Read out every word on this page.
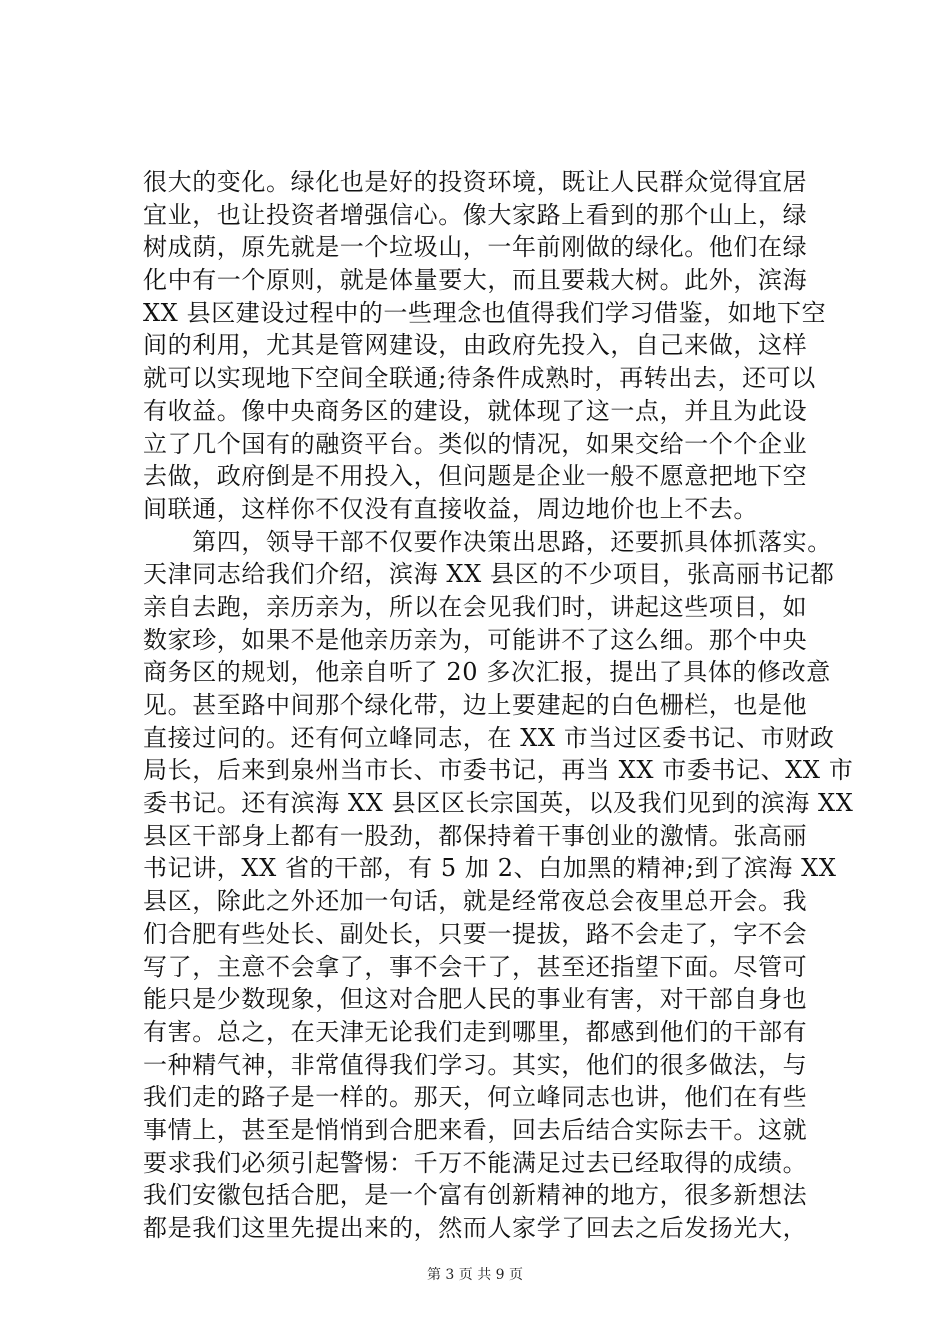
很大的变化。绿化也是好的投资环境，既让人民群众觉得宜居
宜业，也让投资者增强信心。像大家路上看到的那个山上，绿
树成荫，原先就是一个垃圾山，一年前刚做的绿化。他们在绿
化中有一个原则，就是体量要大，而且要栽大树。此外，滨海
XX 县区建设过程中的一些理念也值得我们学习借鉴，如地下空
间的利用，尤其是管网建设，由政府先投入，自己来做，这样
就可以实现地下空间全联通;待条件成熟时，再转出去，还可以
有收益。像中央商务区的建设，就体现了这一点，并且为此设
立了几个国有的融资平台。类似的情况，如果交给一个个企业
去做，政府倒是不用投入，但问题是企业一般不愿意把地下空
间联通，这样你不仅没有直接收益，周边地价也上不去。
　　第四，领导干部不仅要作决策出思路，还要抓具体抓落实。
天津同志给我们介绍，滨海 XX 县区的不少项目，张高丽书记都
亲自去跑，亲历亲为，所以在会见我们时，讲起这些项目，如
数家珍，如果不是他亲历亲为，可能讲不了这么细。那个中央
商务区的规划，他亲自听了 20 多次汇报，提出了具体的修改意
见。甚至路中间那个绿化带，边上要建起的白色栅栏，也是他
直接过问的。还有何立峰同志，在 XX 市当过区委书记、市财政
局长，后来到泉州当市长、市委书记，再当 XX 市委书记、XX 市
委书记。还有滨海 XX 县区区长宗国英，以及我们见到的滨海 XX
县区干部身上都有一股劲，都保持着干事创业的激情。张高丽
书记讲，XX 省的干部，有 5 加 2、白加黑的精神;到了滨海 XX
县区，除此之外还加一句话，就是经常夜总会夜里总开会。我
们合肥有些处长、副处长，只要一提拔，路不会走了，字不会
写了，主意不会拿了，事不会干了，甚至还指望下面。尽管可
能只是少数现象，但这对合肥人民的事业有害，对干部自身也
有害。总之，在天津无论我们走到哪里，都感到他们的干部有
一种精气神，非常值得我们学习。其实，他们的很多做法，与
我们走的路子是一样的。那天，何立峰同志也讲，他们在有些
事情上，甚至是悄悄到合肥来看，回去后结合实际去干。这就
要求我们必须引起警惕：千万不能满足过去已经取得的成绩。
我们安徽包括合肥，是一个富有创新精神的地方，很多新想法
都是我们这里先提出来的，然而人家学了回去之后发扬光大，
第 3 页 共 9 页
